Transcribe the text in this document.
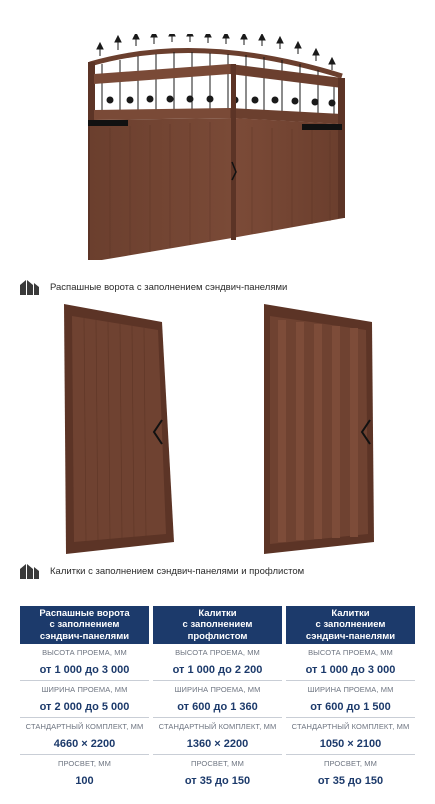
Распашные ворота с заполнением сэндвич-панелями
Калитки с заполнением сэндвич-панелями и профлистом
Распашные ворота
с заполнением
сэндвич-панелями
ВЫСОТА ПРОЕМА, ММ
от 1 000 до 3 000
ШИРИНА ПРОЕМА, ММ
от 2 000 до 5 000
СТАНДАРТНЫЙ КОМПЛЕКТ, ММ
4660 × 2200
ПРОСВЕТ, ММ
100
Калитки
с заполнением
профлистом
ВЫСОТА ПРОЕМА, ММ
от 1 000 до 2 200
ШИРИНА ПРОЕМА, ММ
от 600 до 1 360
СТАНДАРТНЫЙ КОМПЛЕКТ, ММ
1360 × 2200
ПРОСВЕТ, ММ
от 35 до 150
Калитки
с заполнением
сэндвич-панелями
ВЫСОТА ПРОЕМА, ММ
от 1 000 до 3 000
ШИРИНА ПРОЕМА, ММ
от 600 до 1 500
СТАНДАРТНЫЙ КОМПЛЕКТ, ММ
1050 × 2100
ПРОСВЕТ, ММ
от 35 до 150
